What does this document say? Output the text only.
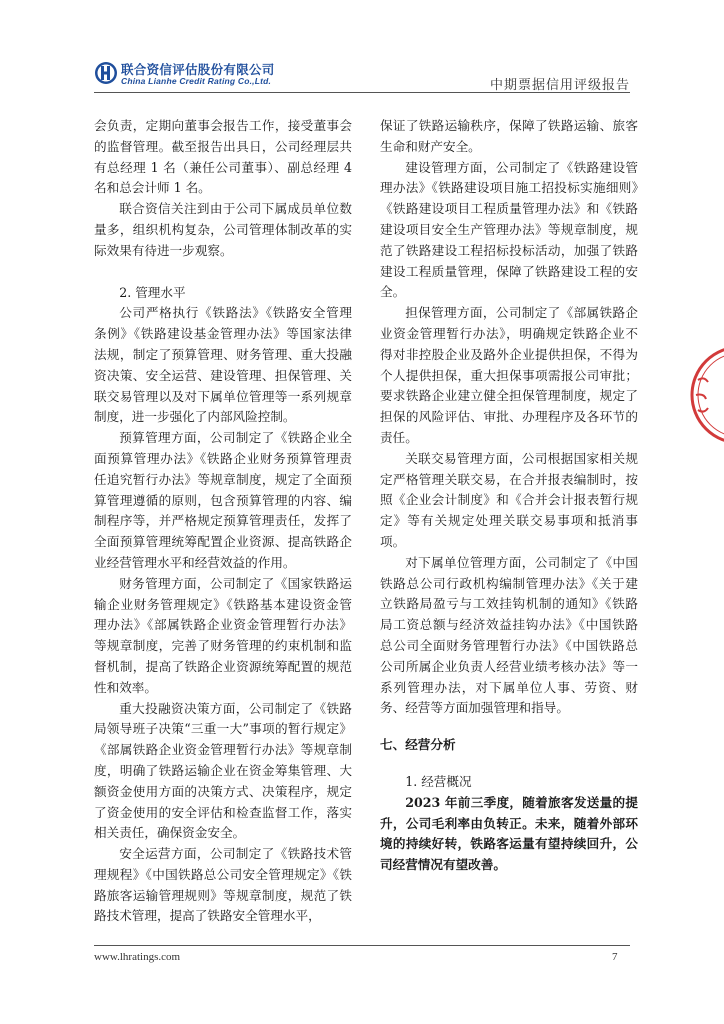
联合资信评估股份有限公司
China Lianhe Credit Rating Co.,Ltd.	中期票据信用评级报告

会负责，定期向董事会报告工作，接受董事会的监督管理。截至报告出具日，公司经理层共有总经理 1 名（兼任公司董事）、副总经理 4 名和总会计师 1 名。

联合资信关注到由于公司下属成员单位数量多，组织机构复杂，公司管理体制改革的实际效果有待进一步观察。

2. 管理水平

公司严格执行《铁路法》《铁路安全管理条例》《铁路建设基金管理办法》等国家法律法规，制定了预算管理、财务管理、重大投融资决策、安全运营、建设管理、担保管理、关联交易管理以及对下属单位管理等一系列规章制度，进一步强化了内部风险控制。

预算管理方面，公司制定了《铁路企业全面预算管理办法》《铁路企业财务预算管理责任追究暂行办法》等规章制度，规定了全面预算管理遵循的原则，包含预算管理的内容、编制程序等，并严格规定预算管理责任，发挥了全面预算管理统筹配置企业资源、提高铁路企业经营管理水平和经营效益的作用。

财务管理方面，公司制定了《国家铁路运输企业财务管理规定》《铁路基本建设资金管理办法》《部属铁路企业资金管理暂行办法》等规章制度，完善了财务管理的约束机制和监督机制，提高了铁路企业资源统筹配置的规范性和效率。

重大投融资决策方面，公司制定了《铁路局领导班子决策“三重一大”事项的暂行规定》《部属铁路企业资金管理暂行办法》等规章制度，明确了铁路运输企业在资金筹集管理、大额资金使用方面的决策方式、决策程序，规定了资金使用的安全评估和检查监督工作，落实相关责任，确保资金安全。

安全运营方面，公司制定了《铁路技术管理规程》《中国铁路总公司安全管理规定》《铁路旅客运输管理规则》等规章制度，规范了铁路技术管理，提高了铁路安全管理水平，

保证了铁路运输秩序，保障了铁路运输、旅客生命和财产安全。

建设管理方面，公司制定了《铁路建设管理办法》《铁路建设项目施工招投标实施细则》《铁路建设项目工程质量管理办法》和《铁路建设项目安全生产管理办法》等规章制度，规范了铁路建设工程招标投标活动，加强了铁路建设工程质量管理，保障了铁路建设工程的安全。

担保管理方面，公司制定了《部属铁路企业资金管理暂行办法》，明确规定铁路企业不得对非控股企业及路外企业提供担保，不得为个人提供担保，重大担保事项需报公司审批；要求铁路企业建立健全担保管理制度，规定了担保的风险评估、审批、办理程序及各环节的责任。

关联交易管理方面，公司根据国家相关规定严格管理关联交易，在合并报表编制时，按照《企业会计制度》和《合并会计报表暂行规定》等有关规定处理关联交易事项和抵消事项。

对下属单位管理方面，公司制定了《中国铁路总公司行政机构编制管理办法》《关于建立铁路局盈亏与工效挂钩机制的通知》《铁路局工资总额与经济效益挂钩办法》《中国铁路总公司全面财务管理暂行办法》《中国铁路总公司所属企业负责人经营业绩考核办法》等一系列管理办法，对下属单位人事、劳资、财务、经营等方面加强管理和指导。

七、经营分析
1. 经营概况

2023 年前三季度，随着旅客发送量的提升，公司毛利率由负转正。未来，随着外部环境的持续好转，铁路客运量有望持续回升，公司经营情况有望改善。

www.lhratings.com	7
